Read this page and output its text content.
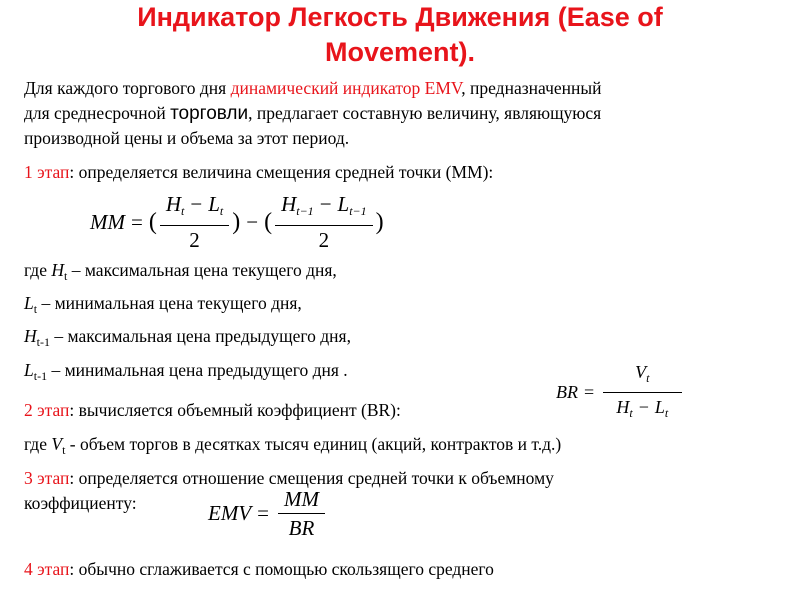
Индикатор Легкость Движения (Ease of
Movement).
Для каждого торгового дня динамический индикатор EMV, предназначенный
для среднесрочной торговли, предлагает составную величину, являющуюся
производной цены и объема за этот период.
1 этап: определяется величина смещения средней точки (ММ):
MM = ( $\frac{H_t - L_t}{2}$ ) − ( $\frac{H_{t-1} - L_{t-1}}{2}$ )
где $H_t$ – максимальная цена текущего дня,
$L_t$ – минимальная цена текущего дня,
$H_{t-1}$ – максимальная цена предыдущего дня,
$L_{t-1}$ – минимальная цена предыдущего дня .
BR = $\frac{V_t}{H_t - L_t}$
2 этап: вычисляется объемный коэффициент (BR):
где $V_t$ - объем торгов в десятках тысяч единиц (акций, контрактов и т.д.)
3 этап: определяется отношение смещения средней точки к объемному
коэффициенту:	EMV = $\frac{MM}{BR}$
4 этап: обычно сглаживается с помощью скользящего среднего
